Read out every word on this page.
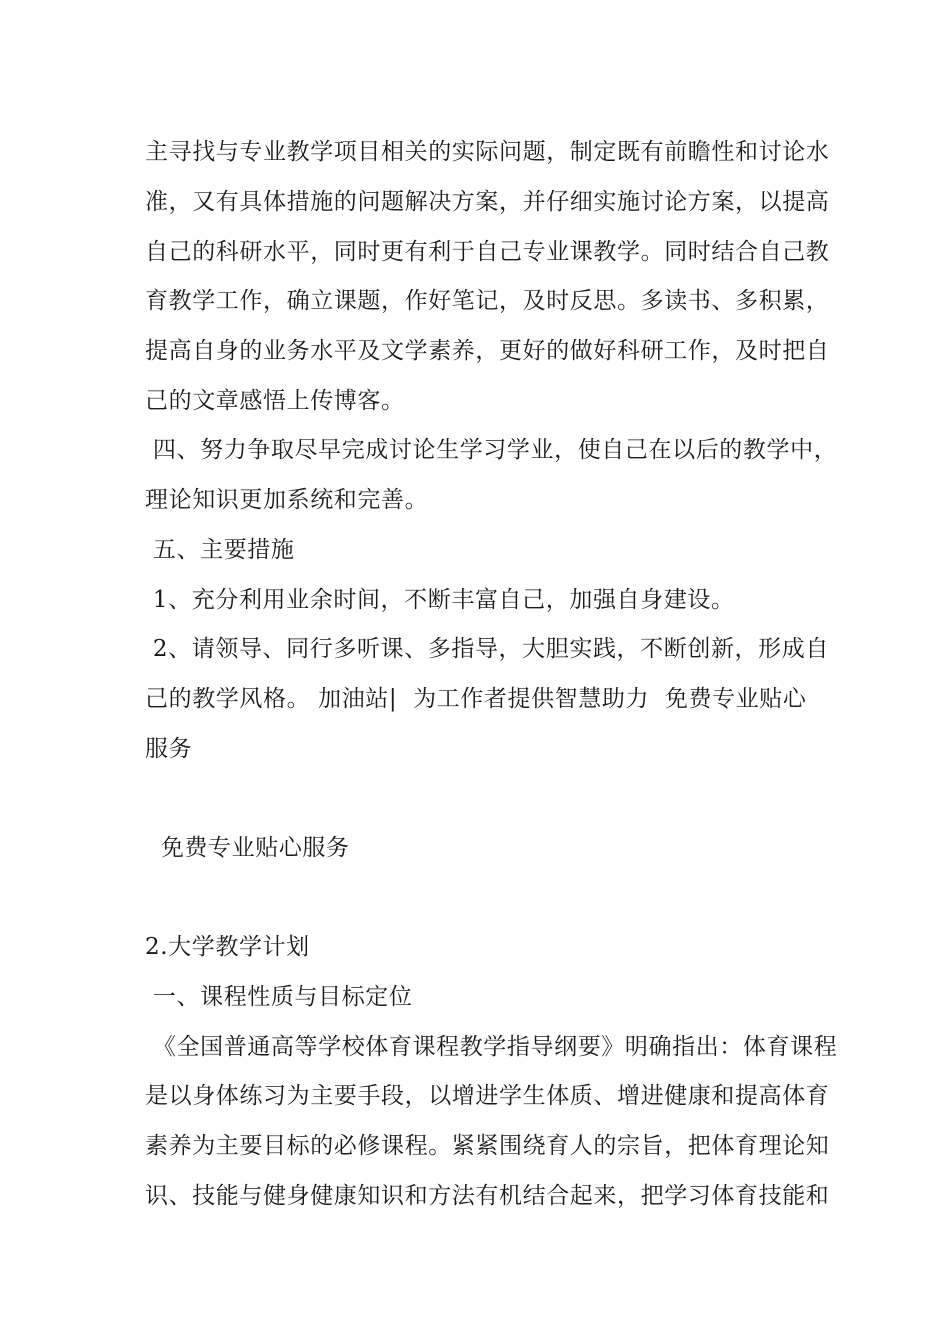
主寻找与专业教学项目相关的实际问题，制定既有前瞻性和讨论水
准，又有具体措施的问题解决方案，并仔细实施讨论方案，以提高
自己的科研水平，同时更有利于自己专业课教学。同时结合自己教
育教学工作，确立课题，作好笔记，及时反思。多读书、多积累，
提高自身的业务水平及文学素养，更好的做好科研工作，及时把自
己的文章感悟上传博客。
四、努力争取尽早完成讨论生学习学业，使自己在以后的教学中，
理论知识更加系统和完善。
五、主要措施
1、充分利用业余时间，不断丰富自己，加强自身建设。
2、请领导、同行多听课、多指导，大胆实践，不断创新，形成自
己的教学风格。 加油站|  为工作者提供智慧助力  免费专业贴心
服务
免费专业贴心服务
2.大学教学计划
一、课程性质与目标定位
《全国普通高等学校体育课程教学指导纲要》明确指出：体育课程
是以身体练习为主要手段，以增进学生体质、增进健康和提高体育
素养为主要目标的必修课程。紧紧围绕育人的宗旨，把体育理论知
识、技能与健身健康知识和方法有机结合起来，把学习体育技能和
